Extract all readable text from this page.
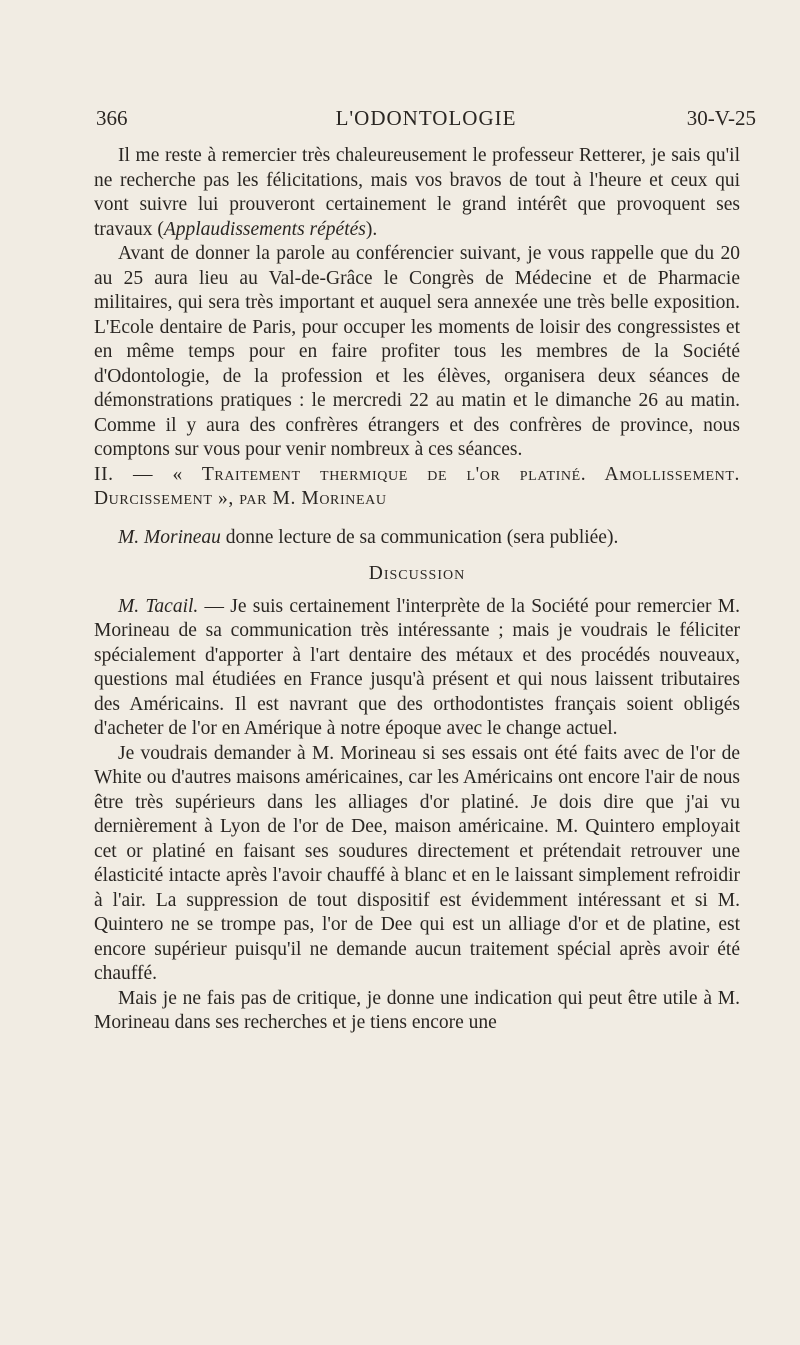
366	L'ODONTOLOGIE	30-V-25

Il me reste à remercier très chaleureusement le professeur Retterer, je sais qu'il ne recherche pas les félicitations, mais vos bravos de tout à l'heure et ceux qui vont suivre lui prouveront certainement le grand intérêt que provoquent ses travaux (Applaudissements répétés).

Avant de donner la parole au conférencier suivant, je vous rappelle que du 20 au 25 aura lieu au Val-de-Grâce le Congrès de Médecine et de Pharmacie militaires, qui sera très important et auquel sera annexée une très belle exposition. L'Ecole dentaire de Paris, pour occuper les moments de loisir des congressistes et en même temps pour en faire profiter tous les membres de la Société d'Odontologie, de la profession et les élèves, organisera deux séances de démonstrations pratiques : le mercredi 22 au matin et le dimanche 26 au matin. Comme il y aura des confrères étrangers et des confrères de province, nous comptons sur vous pour venir nombreux à ces séances.

II. — « Traitement thermique de l'or platiné. Amollissement. Durcissement », par M. Morineau

M. Morineau donne lecture de sa communication (sera publiée).

Discussion

M. Tacail. — Je suis certainement l'interprète de la Société pour remercier M. Morineau de sa communication très intéressante ; mais je voudrais le féliciter spécialement d'apporter à l'art dentaire des métaux et des procédés nouveaux, questions mal étudiées en France jusqu'à présent et qui nous laissent tributaires des Américains. Il est navrant que des orthodontistes français soient obligés d'acheter de l'or en Amérique à notre époque avec le change actuel.

Je voudrais demander à M. Morineau si ses essais ont été faits avec de l'or de White ou d'autres maisons américaines, car les Américains ont encore l'air de nous être très supérieurs dans les alliages d'or platiné. Je dois dire que j'ai vu dernièrement à Lyon de l'or de Dee, maison américaine. M. Quintero employait cet or platiné en faisant ses soudures directement et prétendait retrouver une élasticité intacte après l'avoir chauffé à blanc et en le laissant simplement refroidir à l'air. La suppression de tout dispositif est évidemment intéressant et si M. Quintero ne se trompe pas, l'or de Dee qui est un alliage d'or et de platine, est encore supérieur puisqu'il ne demande aucun traitement spécial après avoir été chauffé.

Mais je ne fais pas de critique, je donne une indication qui peut être utile à M. Morineau dans ses recherches et je tiens encore une
